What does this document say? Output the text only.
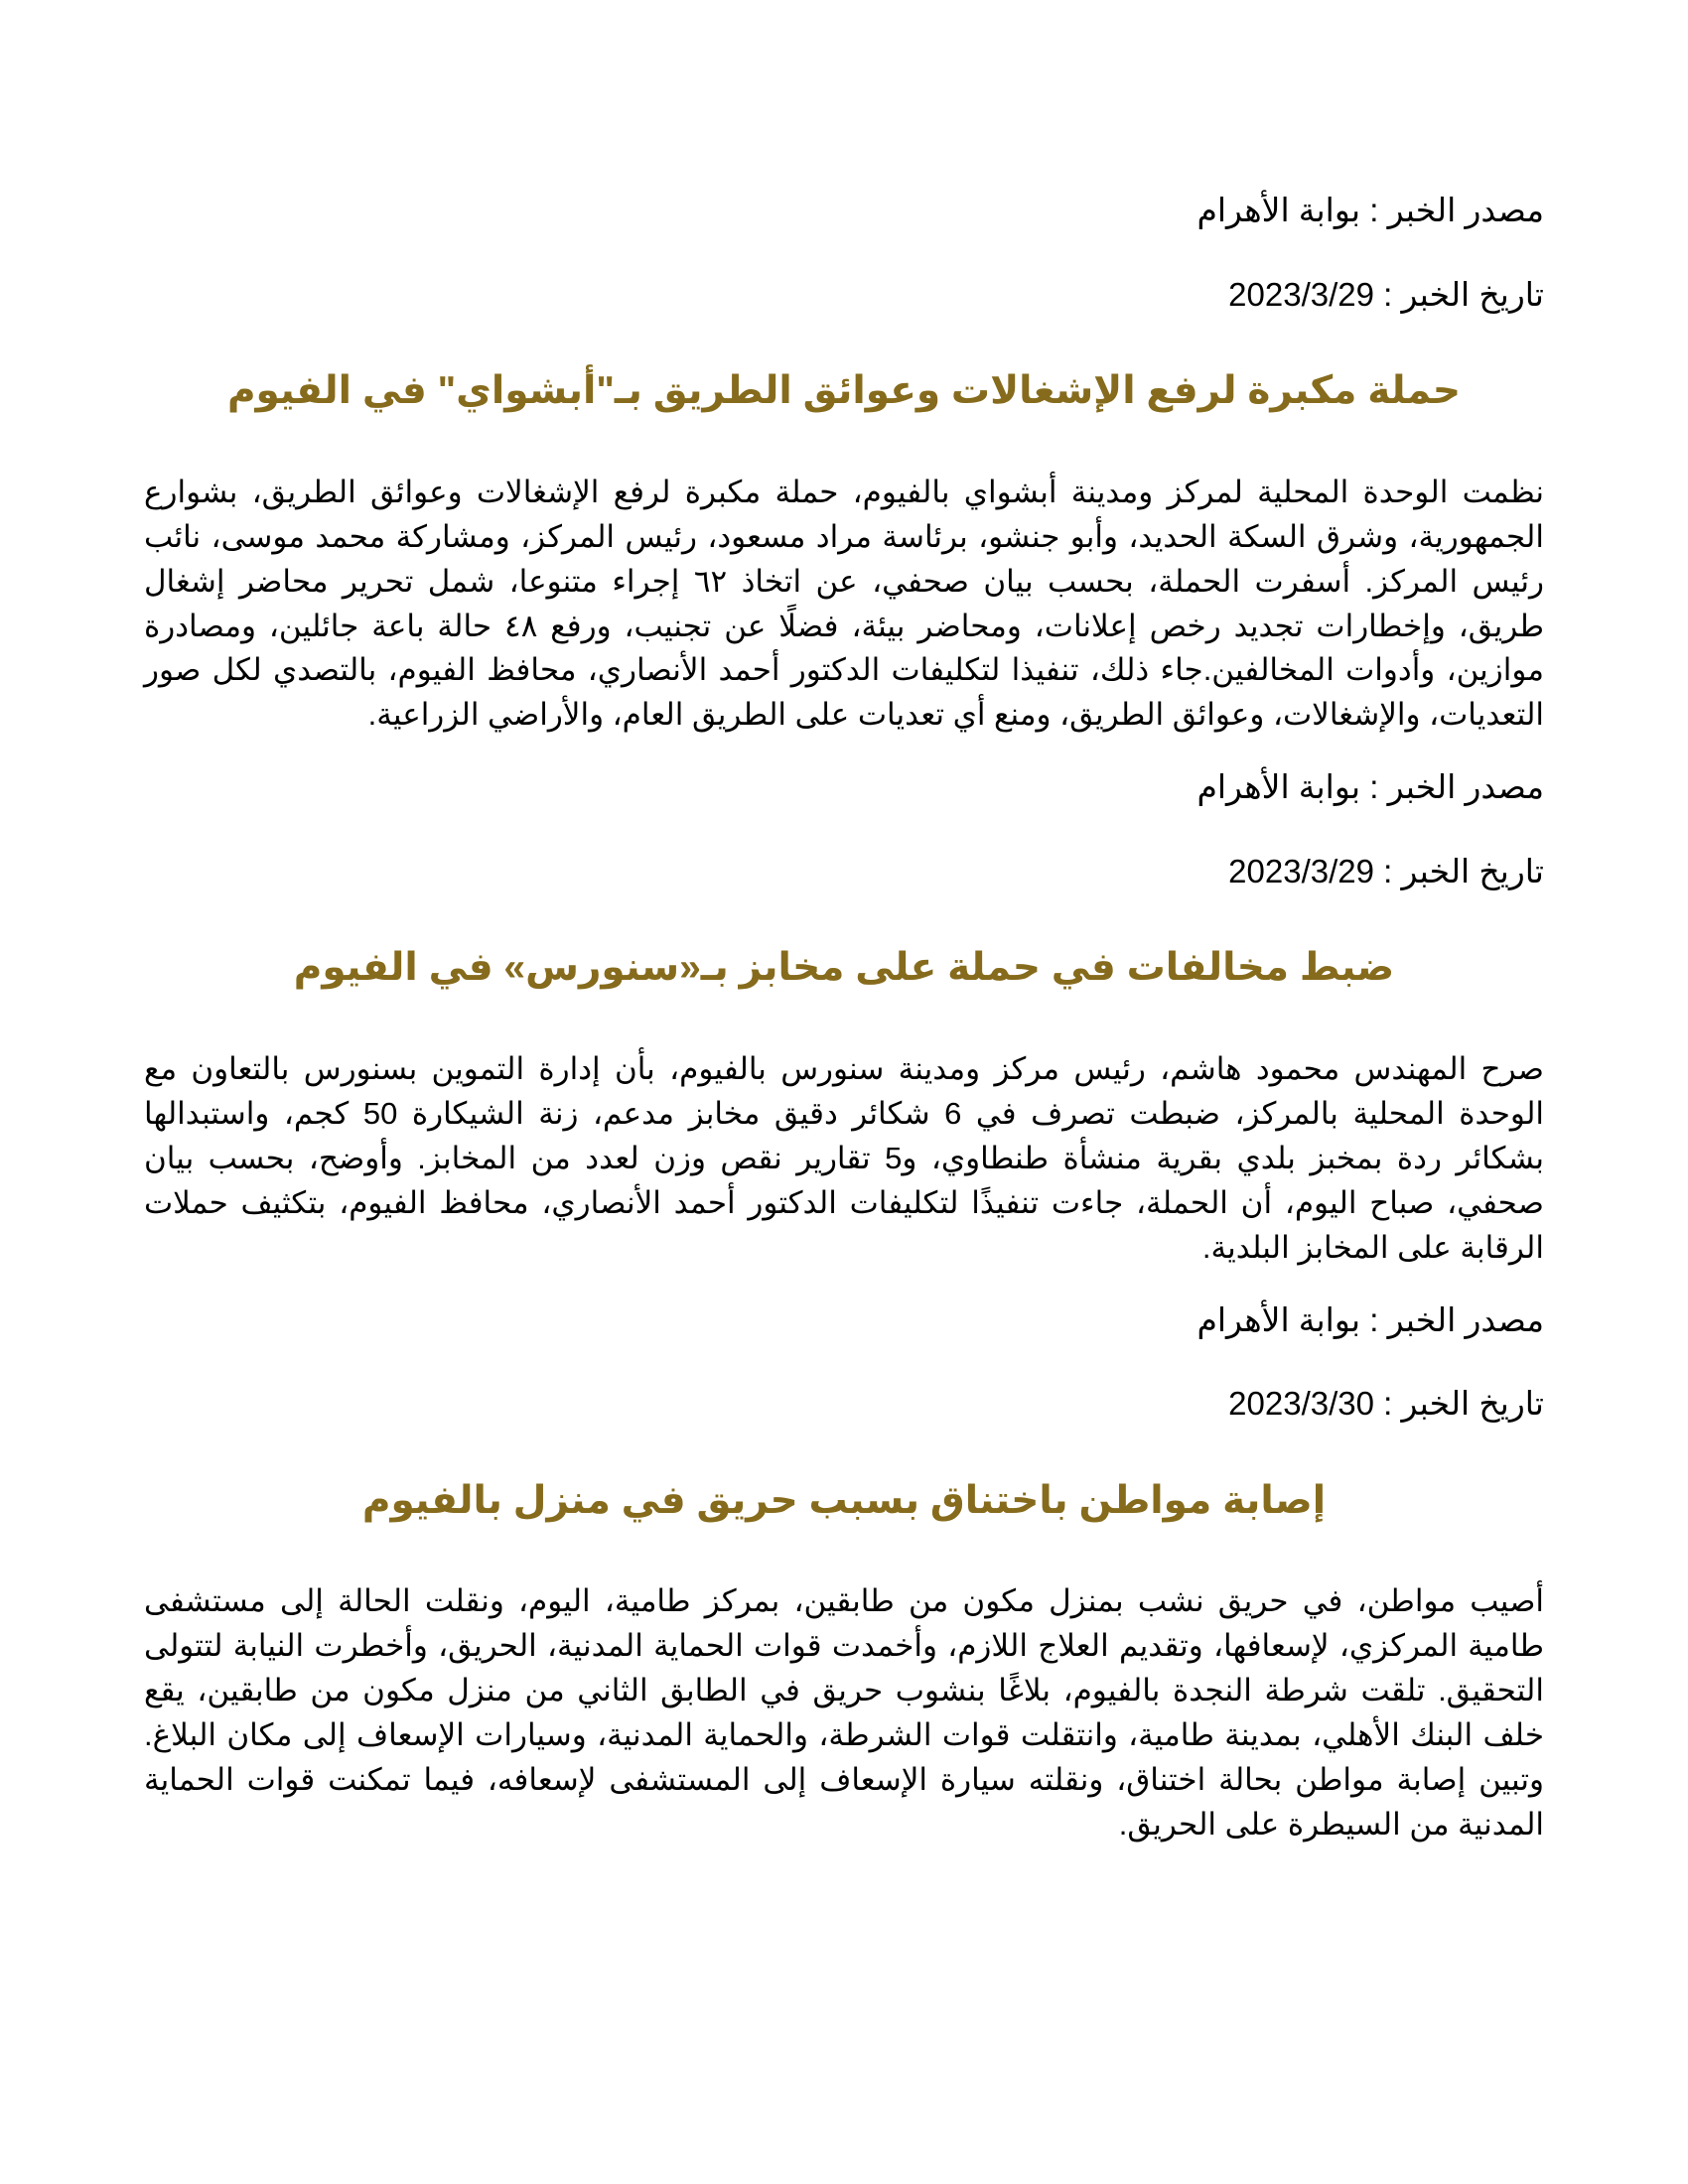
مصدر الخبر : بوابة الأهرام

تاريخ الخبر : 2023/3/29

حملة مكبرة لرفع الإشغالات وعوائق الطريق بـ"أبشواي" في الفيوم

نظمت الوحدة المحلية لمركز ومدينة أبشواي بالفيوم، حملة مكبرة لرفع الإشغالات وعوائق الطريق، بشوارع الجمهورية، وشرق السكة الحديد، وأبو جنشو، برئاسة مراد مسعود، رئيس المركز، ومشاركة محمد موسى، نائب رئيس المركز. أسفرت الحملة، بحسب بيان صحفي، عن اتخاذ ٦٢ إجراء متنوعا، شمل تحرير محاضر إشغال طريق، وإخطارات تجديد رخص إعلانات، ومحاضر بيئة، فضلًا عن تجنيب، ورفع ٤٨ حالة باعة جائلين، ومصادرة موازين، وأدوات المخالفين.جاء ذلك، تنفيذا لتكليفات الدكتور أحمد الأنصاري، محافظ الفيوم، بالتصدي لكل صور التعديات، والإشغالات، وعوائق الطريق، ومنع أي تعديات على الطريق العام، والأراضي الزراعية.

مصدر الخبر : بوابة الأهرام

تاريخ الخبر : 2023/3/29

ضبط مخالفات في حملة على مخابز بـ«سنورس» في الفيوم

صرح المهندس محمود هاشم، رئيس مركز ومدينة سنورس بالفيوم، بأن إدارة التموين بسنورس بالتعاون مع الوحدة المحلية بالمركز، ضبطت تصرف في 6 شكائر دقيق مخابز مدعم، زنة الشيكارة 50 كجم، واستبدالها بشكائر ردة بمخبز بلدي بقرية منشأة طنطاوي، و5 تقارير نقص وزن لعدد من المخابز. وأوضح، بحسب بيان صحفي، صباح اليوم، أن الحملة، جاءت تنفيذًا لتكليفات الدكتور أحمد الأنصاري، محافظ الفيوم، بتكثيف حملات الرقابة على المخابز البلدية.

مصدر الخبر : بوابة الأهرام

تاريخ الخبر : 2023/3/30

إصابة مواطن باختناق بسبب حريق في منزل بالفيوم

أصيب مواطن، في حريق نشب بمنزل مكون من طابقين، بمركز طامية، اليوم، ونقلت الحالة إلى مستشفى طامية المركزي، لإسعافها، وتقديم العلاج اللازم، وأخمدت قوات الحماية المدنية، الحريق، وأخطرت النيابة لتتولى التحقيق. تلقت شرطة النجدة بالفيوم، بلاغًا بنشوب حريق في الطابق الثاني من منزل مكون من طابقين، يقع خلف البنك الأهلي، بمدينة طامية، وانتقلت قوات الشرطة، والحماية المدنية، وسيارات الإسعاف إلى مكان البلاغ. وتبين إصابة مواطن بحالة اختناق، ونقلته سيارة الإسعاف إلى المستشفى لإسعافه، فيما تمكنت قوات الحماية المدنية من السيطرة على الحريق.
